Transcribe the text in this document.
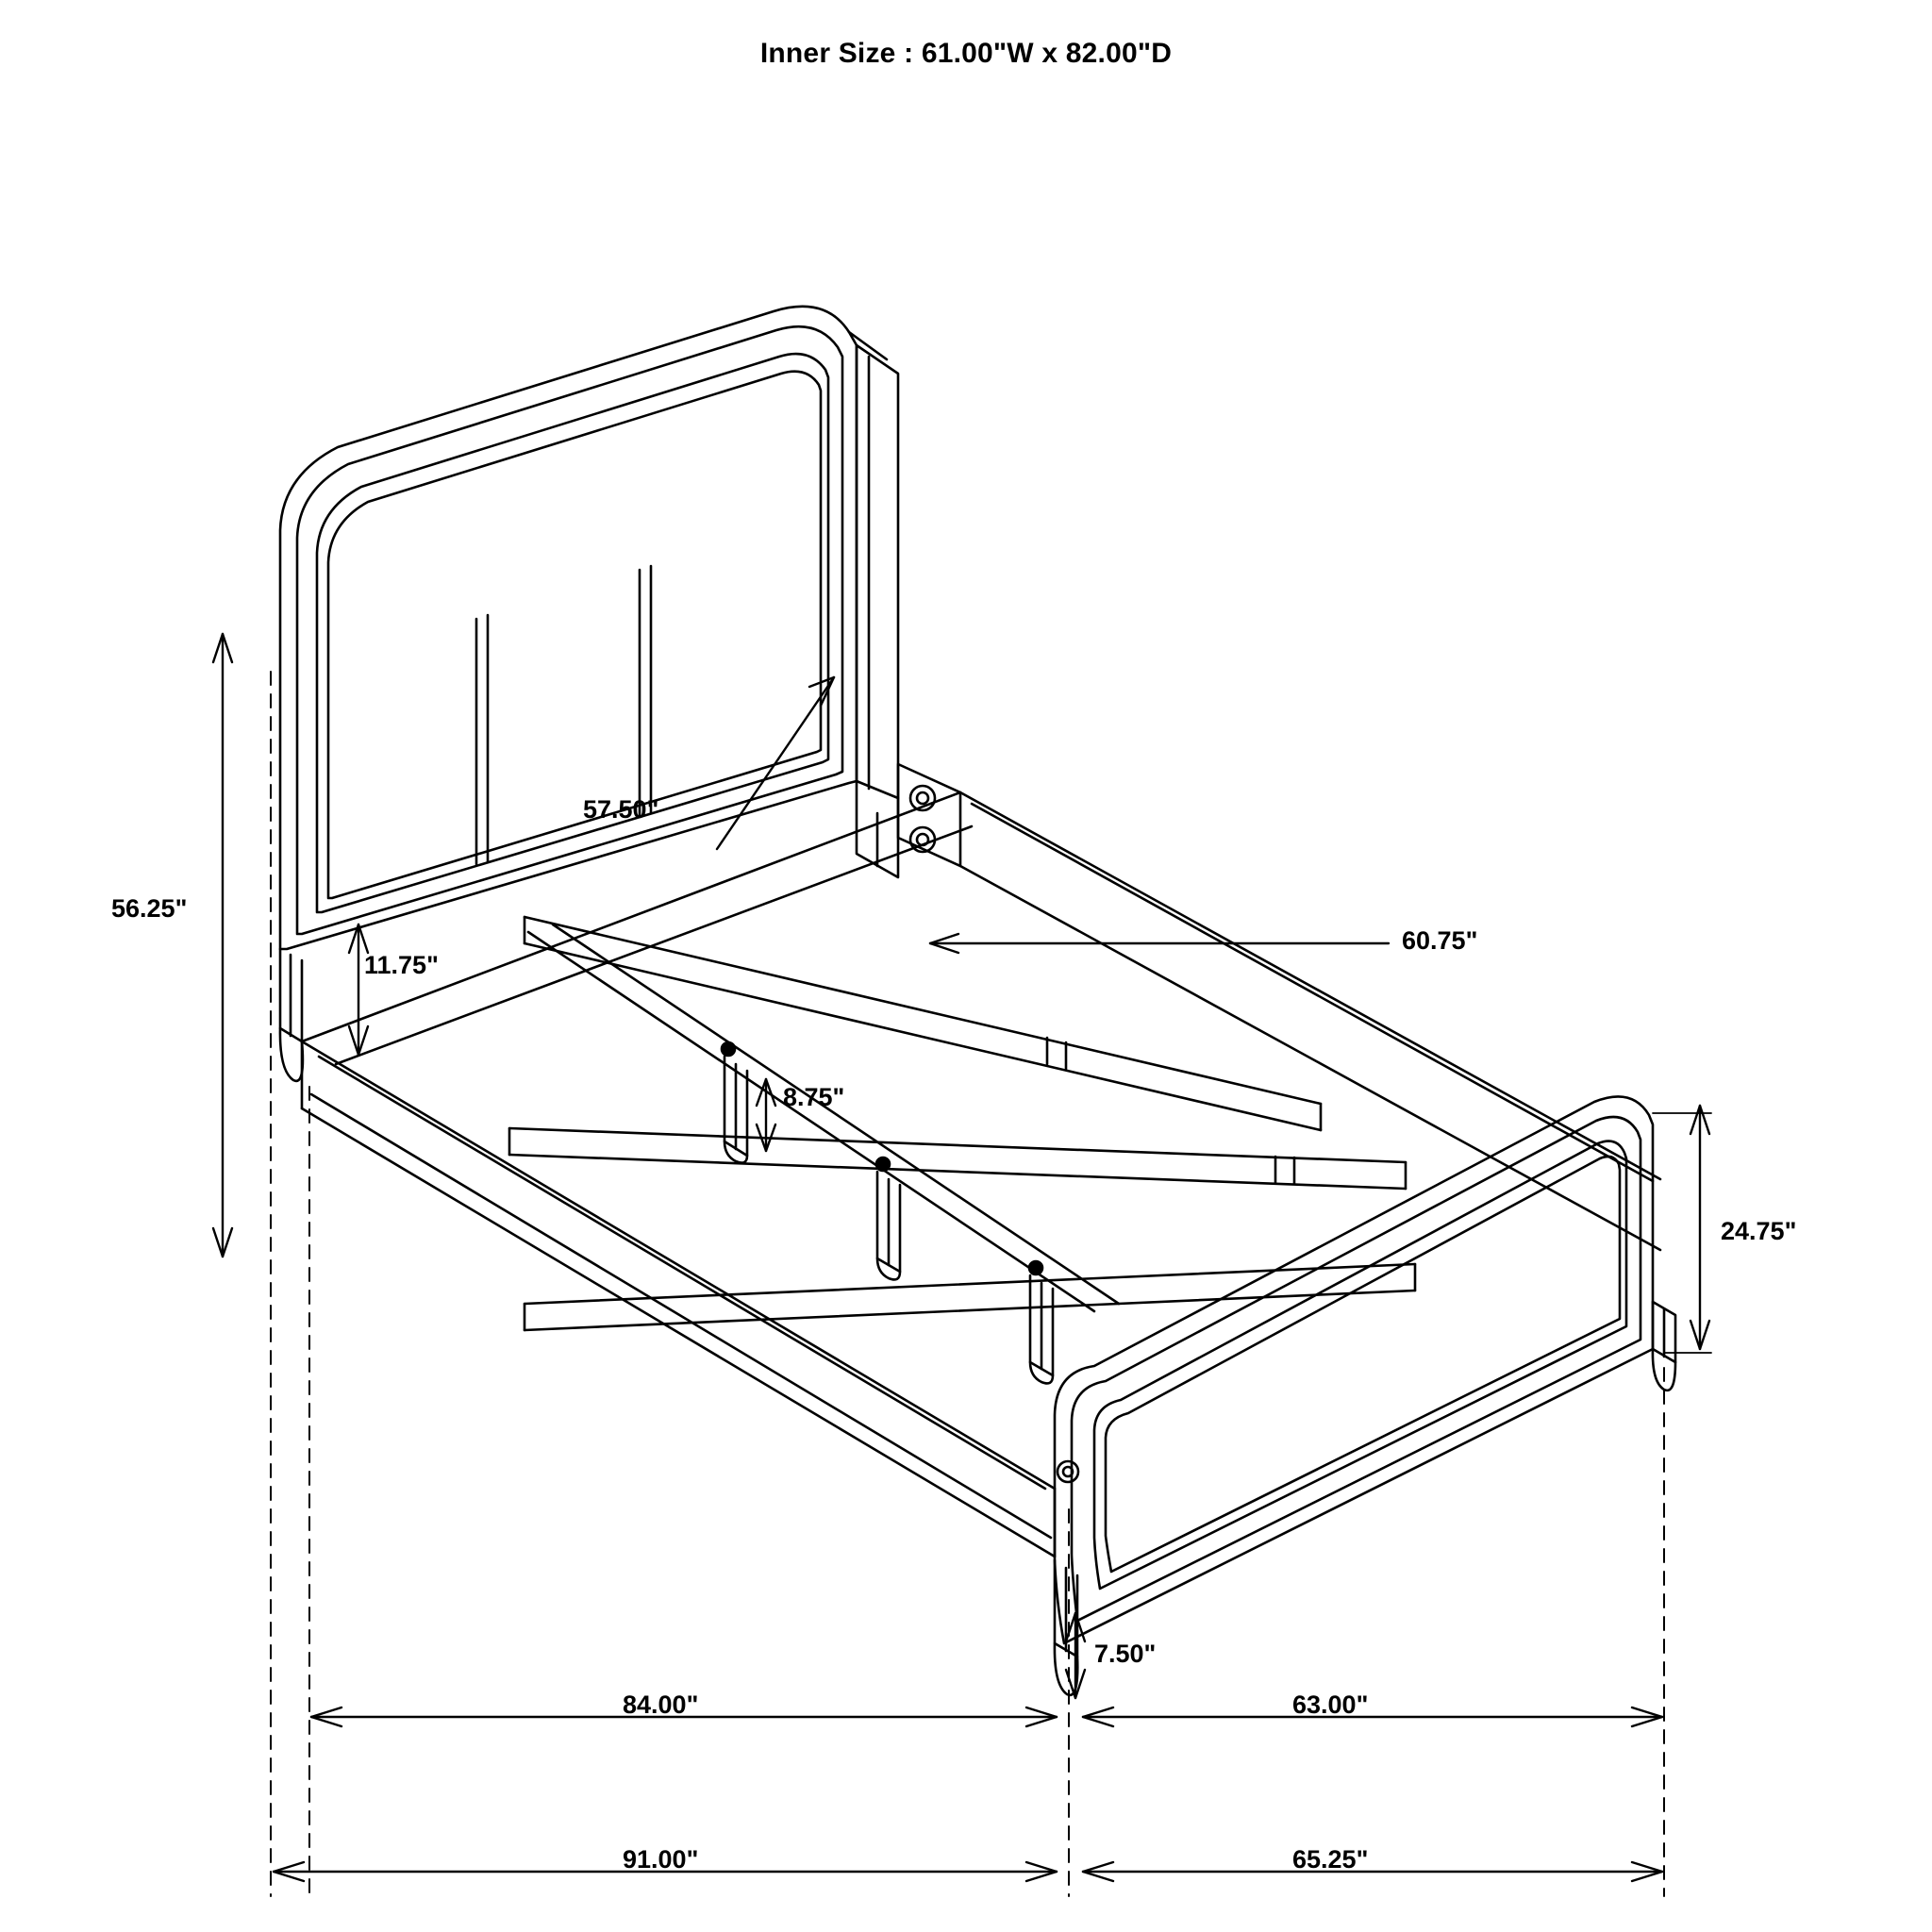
Inner Size : 61.00"W x 82.00"D
56.25"
57.50"
11.75"
60.75"
8.75"
24.75"
7.50"
84.00"	63.00"
91.00"	65.25"
